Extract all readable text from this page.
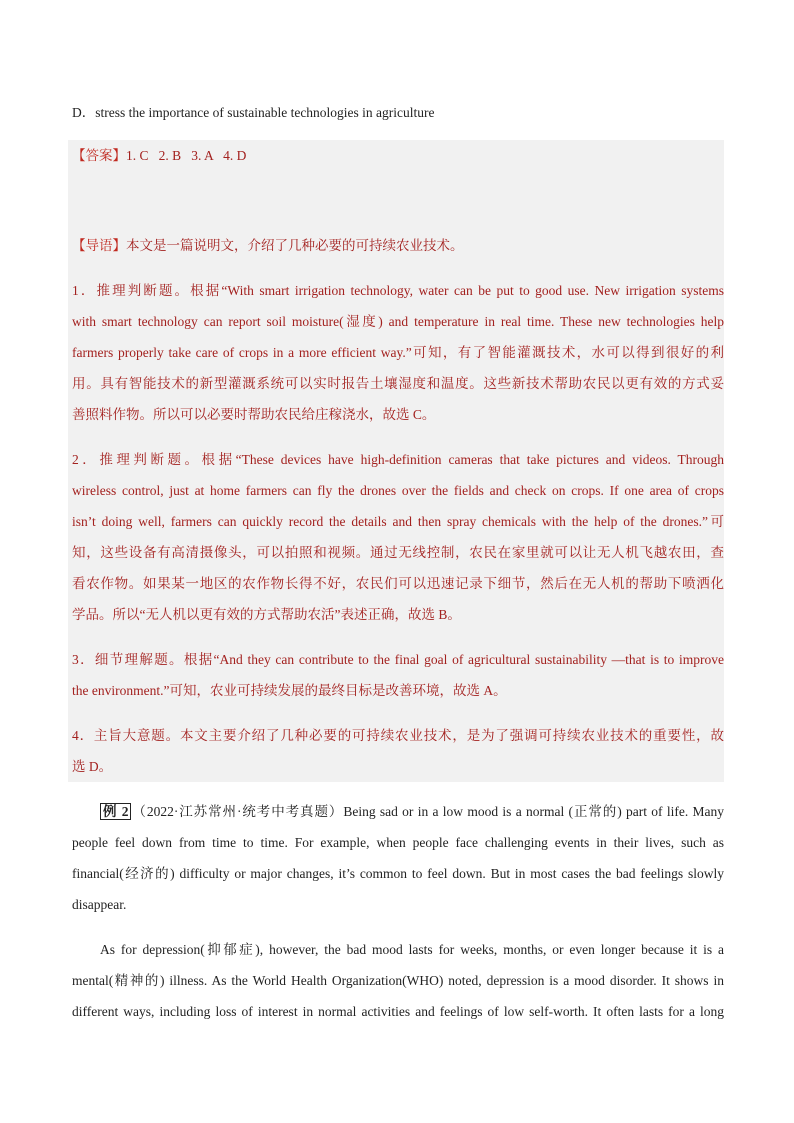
D．stress the importance of sustainable technologies in agriculture
【答案】1. C   2. B   3. A   4. D
【导语】本文是一篇说明文，介绍了几种必要的可持续农业技术。
1．推理判断题。根据“With smart irrigation technology, water can be put to good use. New irrigation systems
with smart technology can report soil moisture(湿度) and temperature in real time. These new technologies help
farmers properly take care of crops in a more efficient way.”可知，有了智能灌溉技术，水可以得到很好的利
用。具有智能技术的新型灌溉系统可以实时报告土壤湿度和温度。这些新技术帮助农民以更有效的方式妥
善照料作物。所以可以必要时帮助农民给庄稼浇水，故选 C。
2．推理判断题。根据“These devices have high-definition cameras that take pictures and videos. Through
wireless control, just at home farmers can fly the drones over the fields and check on crops. If one area of crops
isn’t doing well, farmers can quickly record the details and then spray chemicals with the help of the drones.”可
知，这些设备有高清摄像头，可以拍照和视频。通过无线控制，农民在家里就可以让无人机飞越农田，查
看农作物。如果某一地区的农作物长得不好，农民们可以迅速记录下细节，然后在无人机的帮助下喷洒化
学品。所以“无人机以更有效的方式帮助农活”表述正确，故选 B。
3．细节理解题。根据“And they can contribute to the final goal of agricultural sustainability —that is to improve
the environment.”可知，农业可持续发展的最终目标是改善环境，故选 A。
4．主旨大意题。本文主要介绍了几种必要的可持续农业技术，是为了强调可持续农业技术的重要性，故
选 D。
例 2 （2022·江苏常州·统考中考真题）Being sad or in a low mood is a normal (正常的) part of life. Many
people feel down from time to time. For example, when people face challenging events in their lives, such as
financial(经济的) difficulty or major changes, it’s common to feel down. But in most cases the bad feelings slowly
disappear.
As for depression(抑郁症), however, the bad mood lasts for weeks, months, or even longer because it is a
mental(精神的) illness. As the World Health Organization(WHO) noted, depression is a mood disorder. It shows in
different ways, including loss of interest in normal activities and feelings of low self-worth. It often lasts for a long
